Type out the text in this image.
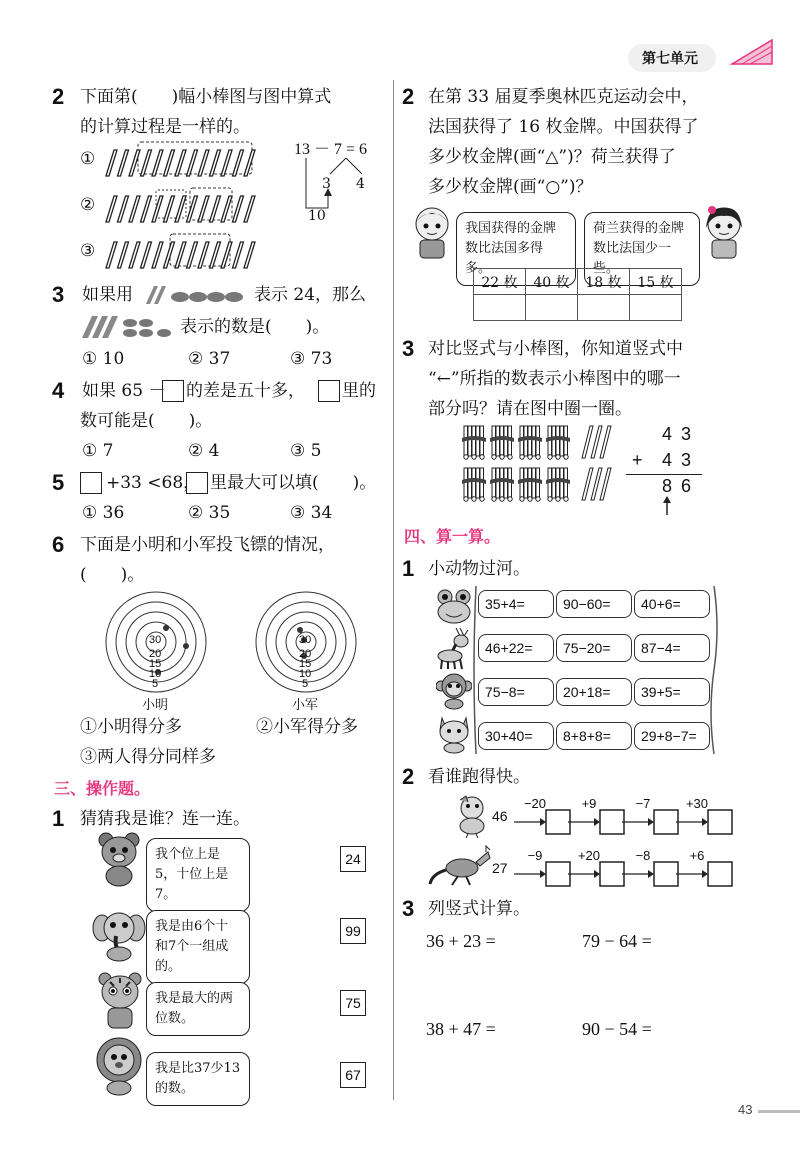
第七单元
2 下面第(　　)幅小棒图与图中算式
的计算过程是一样的。
①
②
③
13 － 7 = 6
3 4
10
3 如果用	表示 24，那么
表示的数是(　　)。
① 10	② 37	③ 73
4 如果 65 － 的差是五十多， 里的
数可能是(　　)。
① 7	② 4	③ 5
5 +33 <68， 里最大可以填(　　)。
① 36	② 35	③ 34
6 下面是小明和小军投飞镖的情况，
(　　)。
30
20
15
10
5
30
20
15
10
5
小明	小军
①小明得分多	②小军得分多
③两人得分同样多
三、操作题。
1 猜猜我是谁？连一连。
我个位上是5，十位上是7。
我是由6个十和7个一组成的。
我是最大的两位数。
我是比37少13的数。
24
99
75
67
2 在第 33 届夏季奥林匹克运动会中，
法国获得了 16 枚金牌。中国获得了
多少枚金牌(画“△”)？荷兰获得了
多少枚金牌(画“○”)？
我国获得的金牌数比法国多得多。
荷兰获得的金牌数比法国少一些。
22 枚	40 枚	18 枚	15 枚

3 对比竖式与小棒图，你知道竖式中
“←”所指的数表示小棒图中的哪一
部分吗？请在图中圈一圈。
4 3
+ 4 3
8 6
四、算一算。
1 小动物过河。
35+4=	90−60=	40+6=
46+22=	75−20=	87−4=
75−8=	20+18=	39+5=
30+40=	8+8+8=	29+8−7=
2 看谁跑得快。
46
27
−20	+9	−7	+30
−9	+20	−8	+6
3 列竖式计算。
36 + 23 =	79 − 64 =
38 + 47 =	90 − 54 =
43
